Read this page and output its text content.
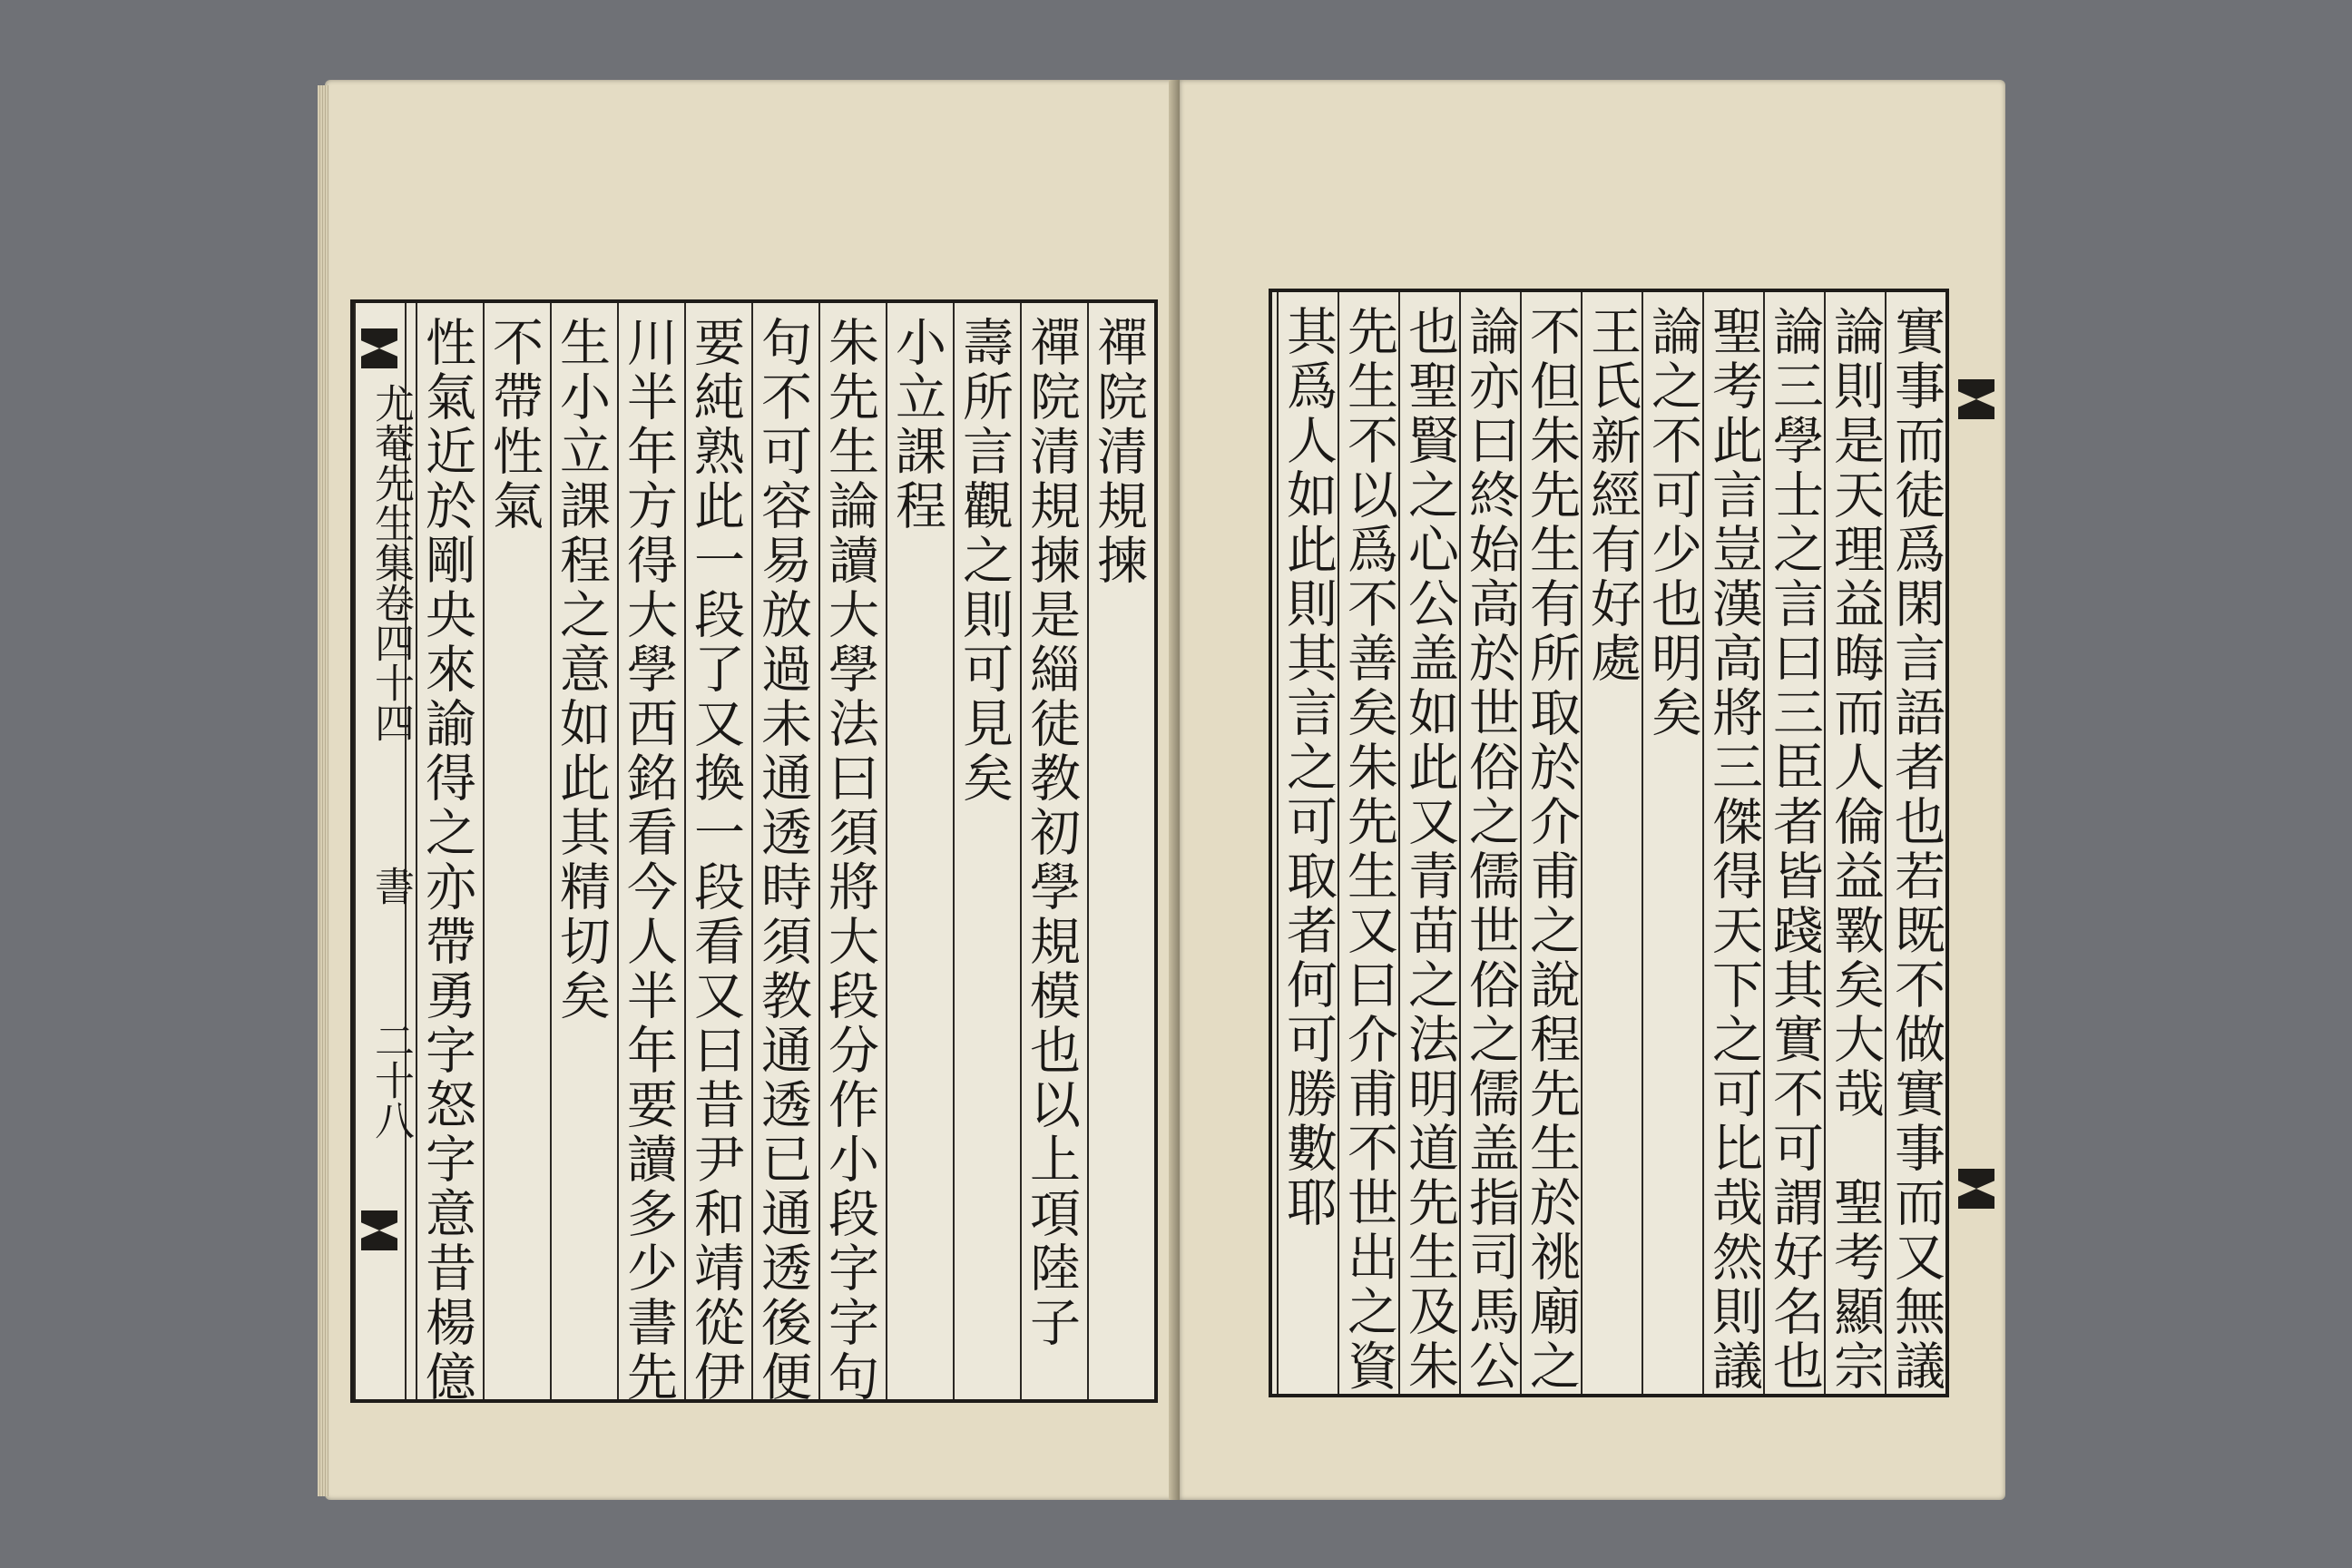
尤菴先生集卷四十四
書
二十八
禪院清規揀
禪院清規揀是緇徒教初學規模也以上項陸子
壽所言觀之則可見矣
小立課程
朱先生論讀大學法曰須將大段分作小段字字句
句不可容易放過未通透時須教通透已通透後便
要純熟此一段了又換一段看又曰昔尹和靖從伊
川半年方得大學西銘看今人半年要讀多少書先
生小立課程之意如此其精切矣
不帶性氣
性氣近於剛央來諭得之亦帶勇字怒字意昔楊億	實事而徒爲閑言語者也若既不做實事而又無議
論則是天理益晦而人倫益斁矣大哉　聖考顯宗
論三學士之言曰三臣者皆踐其實不可謂好名也
聖考此言豈漢高將三傑得天下之可比哉然則議
論之不可少也明矣
王氏新經有好處
不但朱先生有所取於介甫之說程先生於祧廟之
論亦曰終始高於世俗之儒世俗之儒盖指司馬公
也聖賢之心公盖如此又青苗之法明道先生及朱
先生不以爲不善矣朱先生又曰介甫不世出之資
其爲人如此則其言之可取者何可勝數耶
